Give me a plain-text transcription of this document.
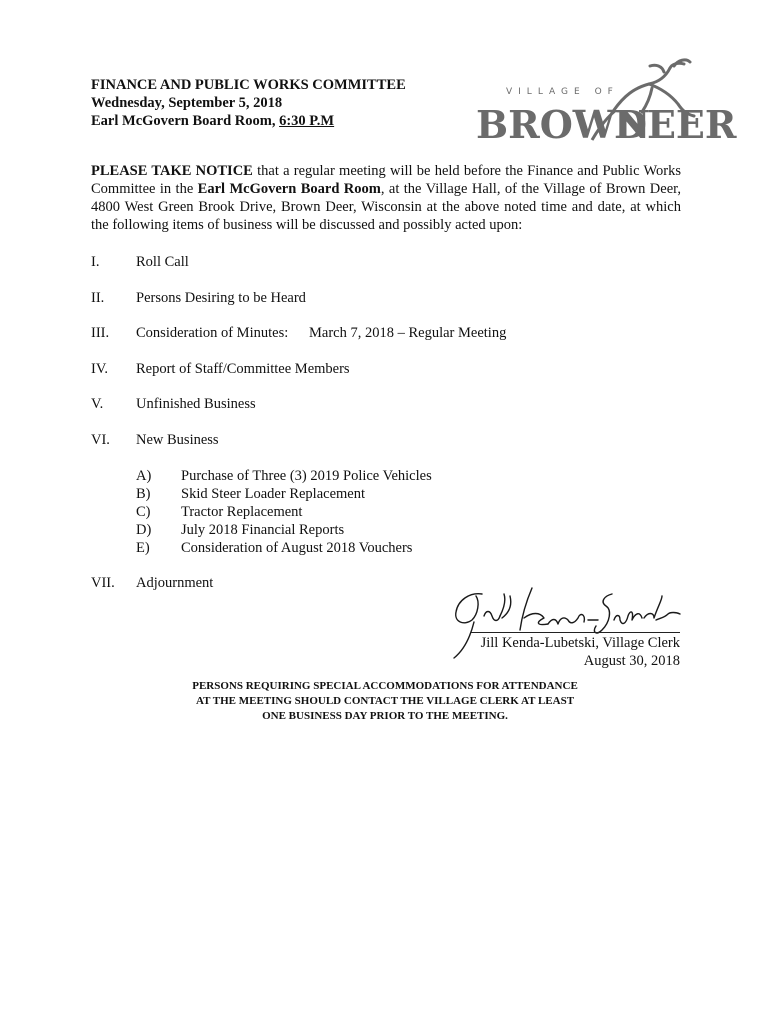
FINANCE AND PUBLIC WORKS COMMITTEE
Wednesday, September 5, 2018
Earl McGovern Board Room, 6:30 P.M
VILLAGE OF
BROWN
DEER
PLEASE TAKE NOTICE that a regular meeting will be held before the Finance and Public Works Committee in the Earl McGovern Board Room, at the Village Hall, of the Village of Brown Deer, 4800 West Green Brook Drive, Brown Deer, Wisconsin at the above noted time and date, at which the following items of business will be discussed and possibly acted upon:
I.	Roll Call
II. Persons Desiring to be Heard
III. Consideration of Minutes: March 7, 2018 – Regular Meeting
IV. Report of Staff/Committee Members
V. Unfinished Business
VI. New Business
A) Purchase of Three (3) 2019 Police Vehicles
B) Skid Steer Loader Replacement
C) Tractor Replacement
D) July 2018 Financial Reports
E) Consideration of August 2018 Vouchers
VII. Adjournment
Jill Kenda-Lubetski, Village Clerk
August 30, 2018
PERSONS REQUIRING SPECIAL ACCOMMODATIONS FOR ATTENDANCE
AT THE MEETING SHOULD CONTACT THE VILLAGE CLERK AT LEAST
ONE BUSINESS DAY PRIOR TO THE MEETING.
